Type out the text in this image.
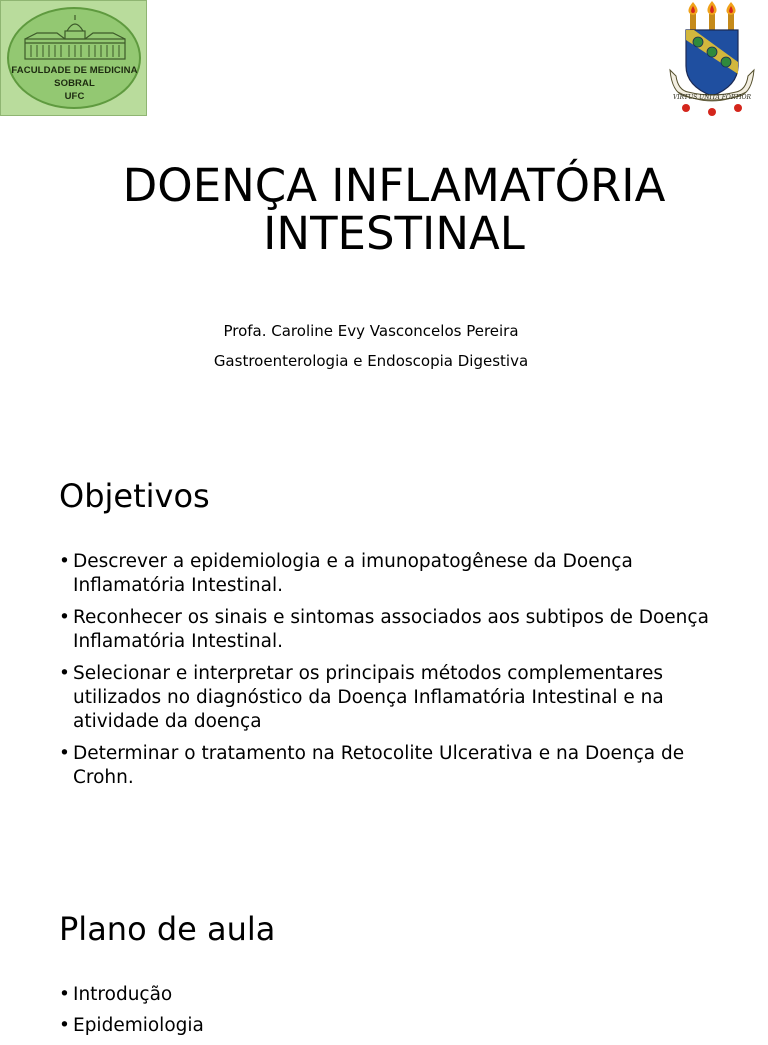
FACULDADE DE MEDICINA
SOBRAL
UFC	VIRTUS UNITA FORTIOR
DOENÇA INFLAMATÓRIA
INTESTINAL
Profa. Caroline Evy Vasconcelos Pereira
Gastroenterologia e Endoscopia Digestiva
Objetivos
• Descrever a epidemiologia e a imunopatogênese da Doença
Inflamatória Intestinal.
• Reconhecer os sinais e sintomas associados aos subtipos de Doença
Inflamatória Intestinal.
• Selecionar e interpretar os principais métodos complementares
utilizados no diagnóstico da Doença Inflamatória Intestinal e na
atividade da doença
• Determinar o tratamento na Retocolite Ulcerativa e na Doença de
Crohn.
Plano de aula
• Introdução
• Epidemiologia
